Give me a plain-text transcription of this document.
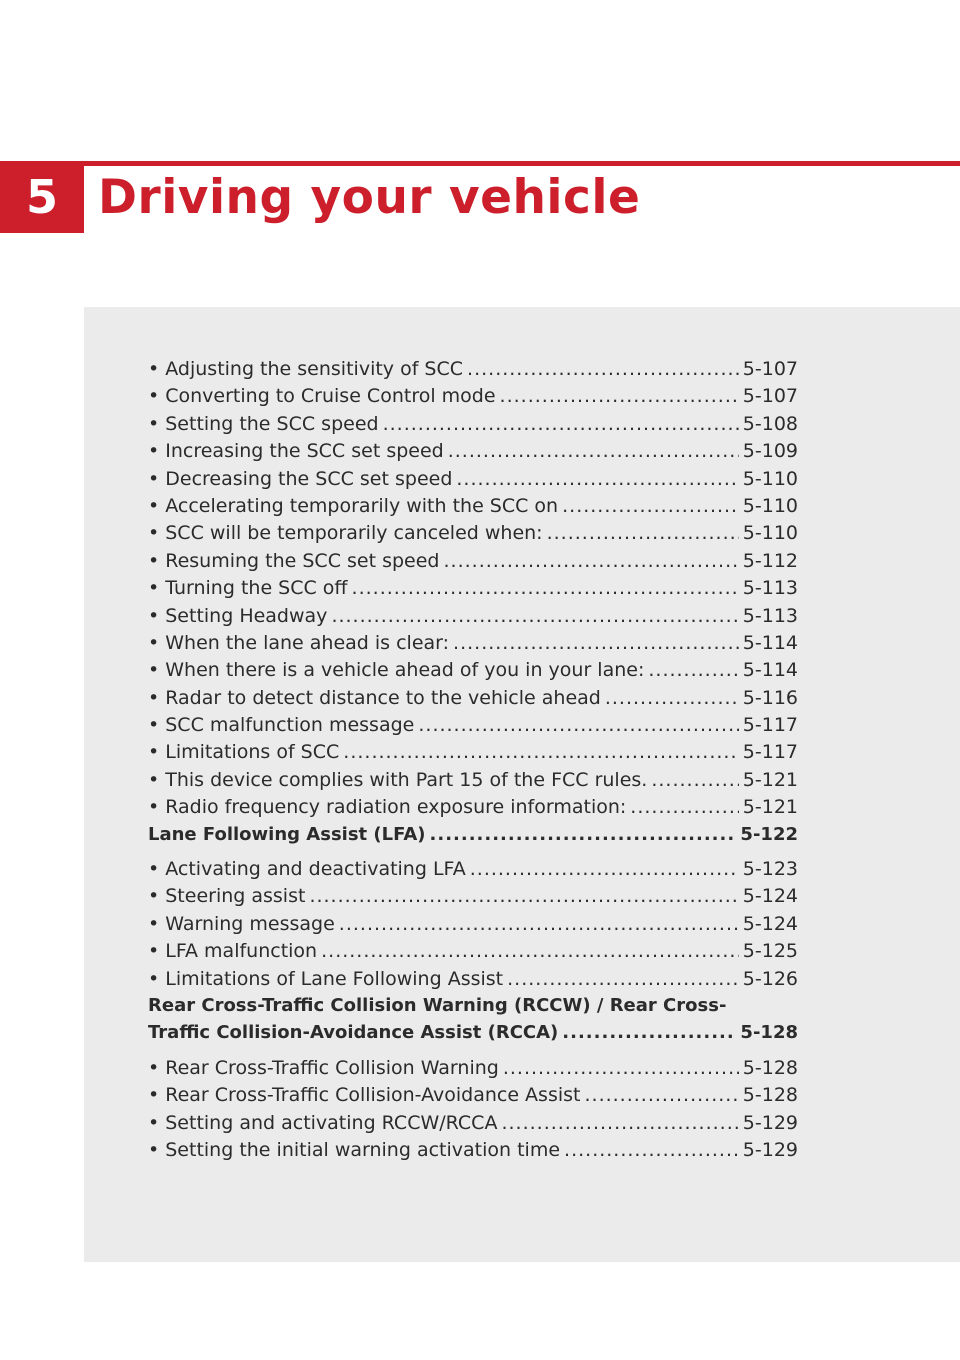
5 Driving your vehicle
• Adjusting the sensitivity of SCC .....	5-107
• Converting to Cruise Control mode .....	5-107
• Setting the SCC speed .....	5-108
• Increasing the SCC set speed .....	5-109
• Decreasing the SCC set speed .....	5-110
• Accelerating temporarily with the SCC on .....	5-110
• SCC will be temporarily canceled when: .....	5-110
• Resuming the SCC set speed .....	5-112
• Turning the SCC off .....	5-113
• Setting Headway .....	5-113
• When the lane ahead is clear: .....	5-114
• When there is a vehicle ahead of you in your lane: .....	5-114
• Radar to detect distance to the vehicle ahead .....	5-116
• SCC malfunction message .....	5-117
• Limitations of SCC .....	5-117
• This device complies with Part 15 of the FCC rules. .....	5-121
• Radio frequency radiation exposure information: .....	5-121
Lane Following Assist (LFA) .....	5-122
• Activating and deactivating LFA .....	5-123
• Steering assist .....	5-124
• Warning message .....	5-124
• LFA malfunction .....	5-125
• Limitations of Lane Following Assist .....	5-126
Rear Cross-Traffic Collision Warning (RCCW) / Rear Cross-
Traffic Collision-Avoidance Assist (RCCA) .....	5-128
• Rear Cross-Traffic Collision Warning .....	5-128
• Rear Cross-Traffic Collision-Avoidance Assist .....	5-128
• Setting and activating RCCW/RCCA .....	5-129
• Setting the initial warning activation time .....	5-129
